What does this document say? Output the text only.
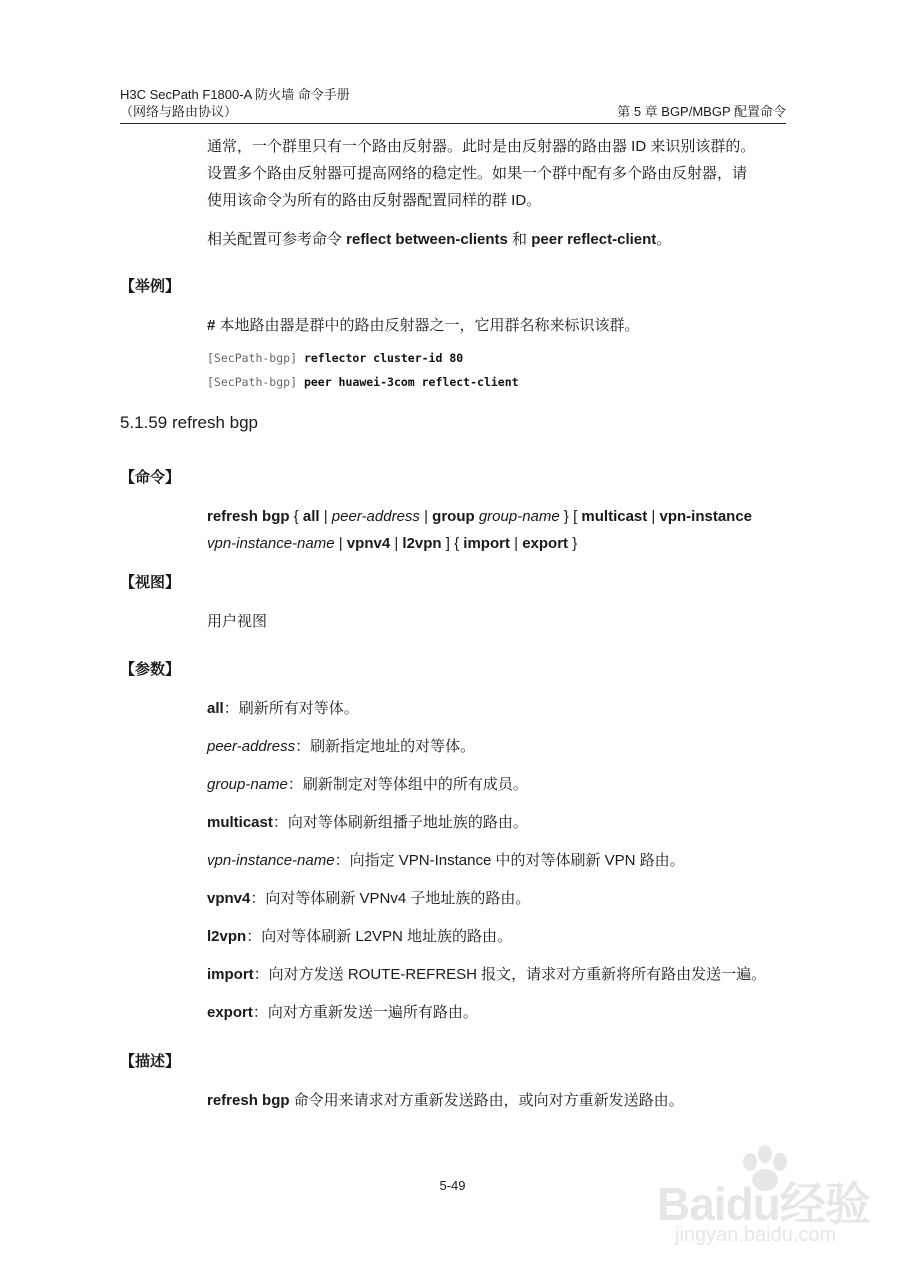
H3C SecPath F1800-A 防火墙 命令手册
（网络与路由协议）	第 5 章 BGP/MBGP 配置命令
通常，一个群里只有一个路由反射器。此时是由反射器的路由器 ID 来识别该群的。
设置多个路由反射器可提高网络的稳定性。如果一个群中配有多个路由反射器，请
使用该命令为所有的路由反射器配置同样的群 ID。
相关配置可参考命令 reflect between-clients 和 peer reflect-client。
【举例】
# 本地路由器是群中的路由反射器之一，它用群名称来标识该群。
[SecPath-bgp] reflector cluster-id 80
[SecPath-bgp] peer huawei-3com reflect-client
5.1.59 refresh bgp
【命令】
refresh bgp { all | peer-address | group group-name } [ multicast | vpn-instance
vpn-instance-name | vpnv4 | l2vpn ] { import | export }
【视图】
用户视图
【参数】
all：刷新所有对等体。
peer-address：刷新指定地址的对等体。
group-name：刷新制定对等体组中的所有成员。
multicast：向对等体刷新组播子地址族的路由。
vpn-instance-name：向指定 VPN-Instance 中的对等体刷新 VPN 路由。
vpnv4：向对等体刷新 VPNv4 子地址族的路由。
l2vpn：向对等体刷新 L2VPN 地址族的路由。
import：向对方发送 ROUTE-REFRESH 报文，请求对方重新将所有路由发送一遍。
export：向对方重新发送一遍所有路由。
【描述】
refresh bgp 命令用来请求对方重新发送路由，或向对方重新发送路由。
5-49	Baidu经验
jingyan.baidu.com
